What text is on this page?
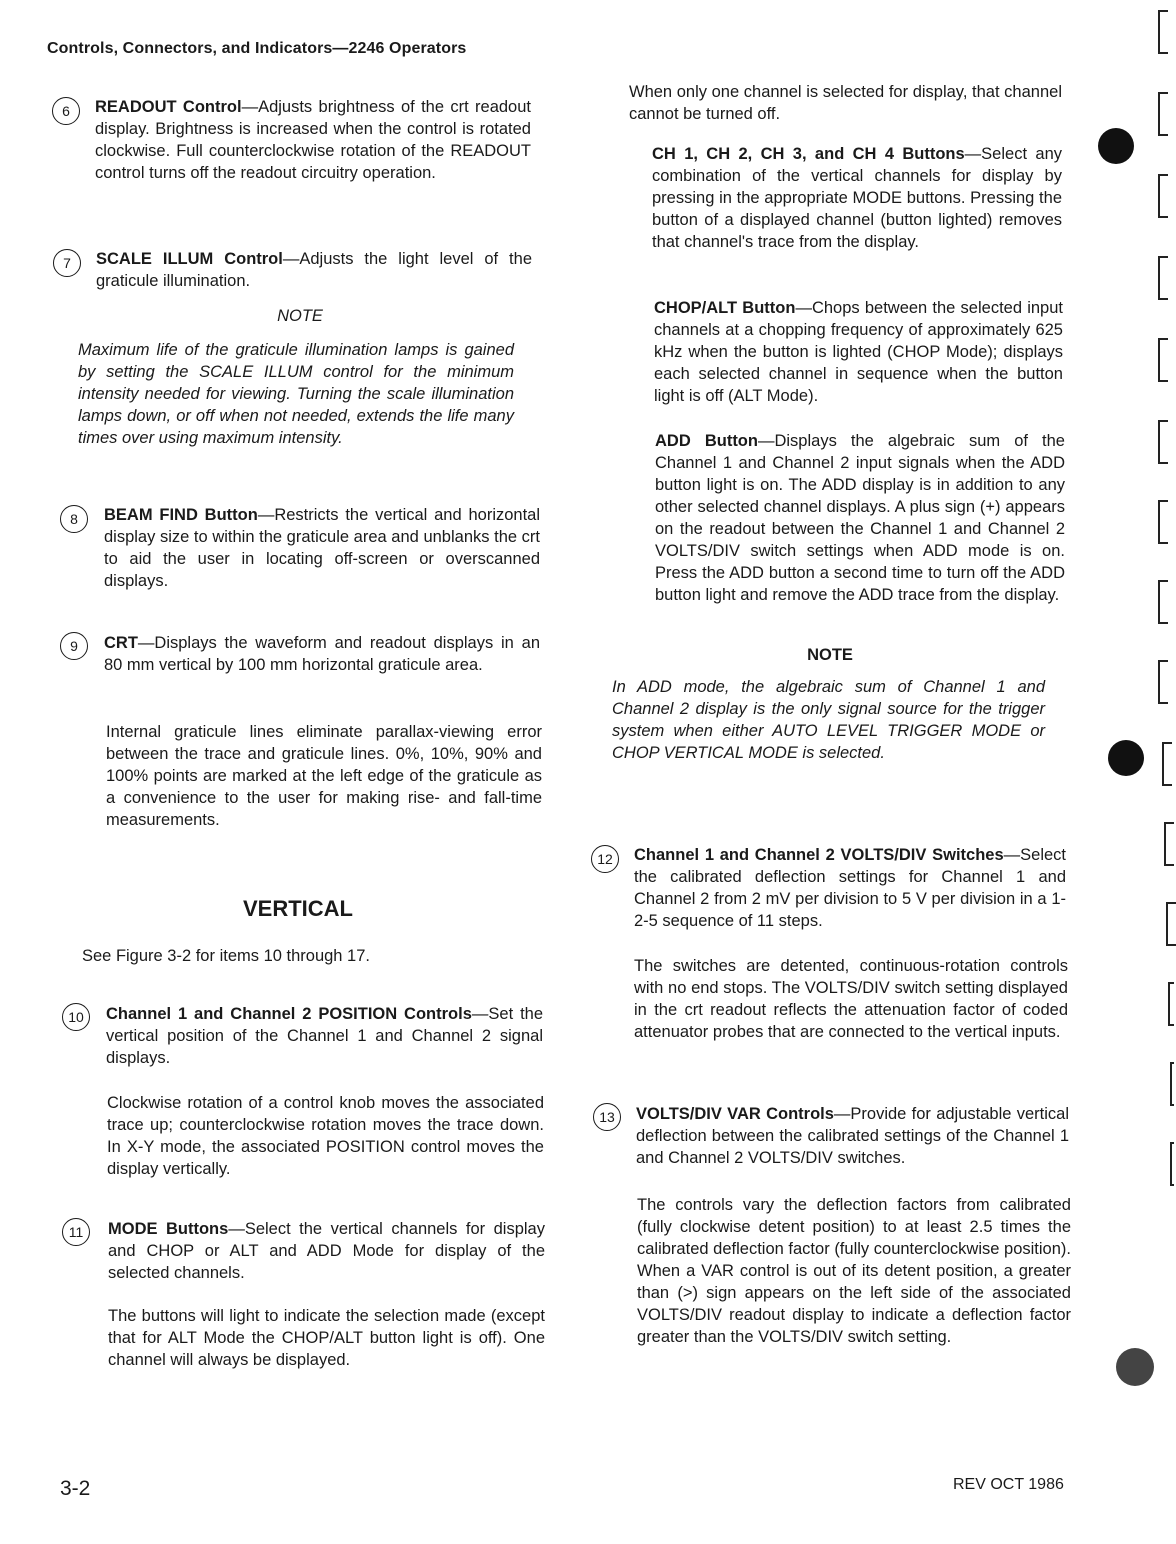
Controls, Connectors, and Indicators—2246 Operators
6	READOUT Control—Adjusts brightness of the crt readout display. Brightness is increased when the control is rotated clockwise. Full counterclockwise rotation of the READOUT control turns off the readout circuitry operation.
7	SCALE ILLUM Control—Adjusts the light level of the graticule illumination.
NOTE
Maximum life of the graticule illumination lamps is gained by setting the SCALE ILLUM control for the minimum intensity needed for viewing. Turning the scale illumination lamps down, or off when not needed, extends the life many times over using maximum intensity.
8	BEAM FIND Button—Restricts the vertical and horizontal display size to within the graticule area and unblanks the crt to aid the user in locating off-screen or overscanned displays.
9	CRT—Displays the waveform and readout displays in an 80 mm vertical by 100 mm horizontal graticule area.
Internal graticule lines eliminate parallax-viewing error between the trace and graticule lines. 0%, 10%, 90% and 100% points are marked at the left edge of the graticule as a convenience to the user for making rise- and fall-time measurements.
VERTICAL
See Figure 3-2 for items 10 through 17.
10	Channel 1 and Channel 2 POSITION Controls—Set the vertical position of the Channel 1 and Channel 2 signal displays.
Clockwise rotation of a control knob moves the associated trace up; counterclockwise rotation moves the trace down. In X-Y mode, the associated POSITION control moves the display vertically.
11	MODE Buttons—Select the vertical channels for display and CHOP or ALT and ADD Mode for display of the selected channels.
The buttons will light to indicate the selection made (except that for ALT Mode the CHOP/ALT button light is off). One channel will always be displayed.
When only one channel is selected for display, that channel cannot be turned off.
CH 1, CH 2, CH 3, and CH 4 Buttons—Select any combination of the vertical channels for display by pressing in the appropriate MODE buttons. Pressing the button of a displayed channel (button lighted) removes that channel's trace from the display.
CHOP/ALT Button—Chops between the selected input channels at a chopping frequency of approximately 625 kHz when the button is lighted (CHOP Mode); displays each selected channel in sequence when the button light is off (ALT Mode).
ADD Button—Displays the algebraic sum of the Channel 1 and Channel 2 input signals when the ADD button light is on. The ADD display is in addition to any other selected channel displays. A plus sign (+) appears on the readout between the Channel 1 and Channel 2 VOLTS/DIV switch settings when ADD mode is on. Press the ADD button a second time to turn off the ADD button light and remove the ADD trace from the display.
NOTE
In ADD mode, the algebraic sum of Channel 1 and Channel 2 display is the only signal source for the trigger system when either AUTO LEVEL TRIGGER MODE or CHOP VERTICAL MODE is selected.
12	Channel 1 and Channel 2 VOLTS/DIV Switches—Select the calibrated deflection settings for Channel 1 and Channel 2 from 2 mV per division to 5 V per division in a 1-2-5 sequence of 11 steps.
The switches are detented, continuous-rotation controls with no end stops. The VOLTS/DIV switch setting displayed in the crt readout reflects the attenuation factor of coded attenuator probes that are connected to the vertical inputs.
13	VOLTS/DIV VAR Controls—Provide for adjustable vertical deflection between the calibrated settings of the Channel 1 and Channel 2 VOLTS/DIV switches.
The controls vary the deflection factors from calibrated (fully clockwise detent position) to at least 2.5 times the calibrated deflection factor (fully counterclockwise position). When a VAR control is out of its detent position, a greater than (>) sign appears on the left side of the associated VOLTS/DIV readout display to indicate a deflection factor greater than the VOLTS/DIV switch setting.
3-2	REV OCT 1986
